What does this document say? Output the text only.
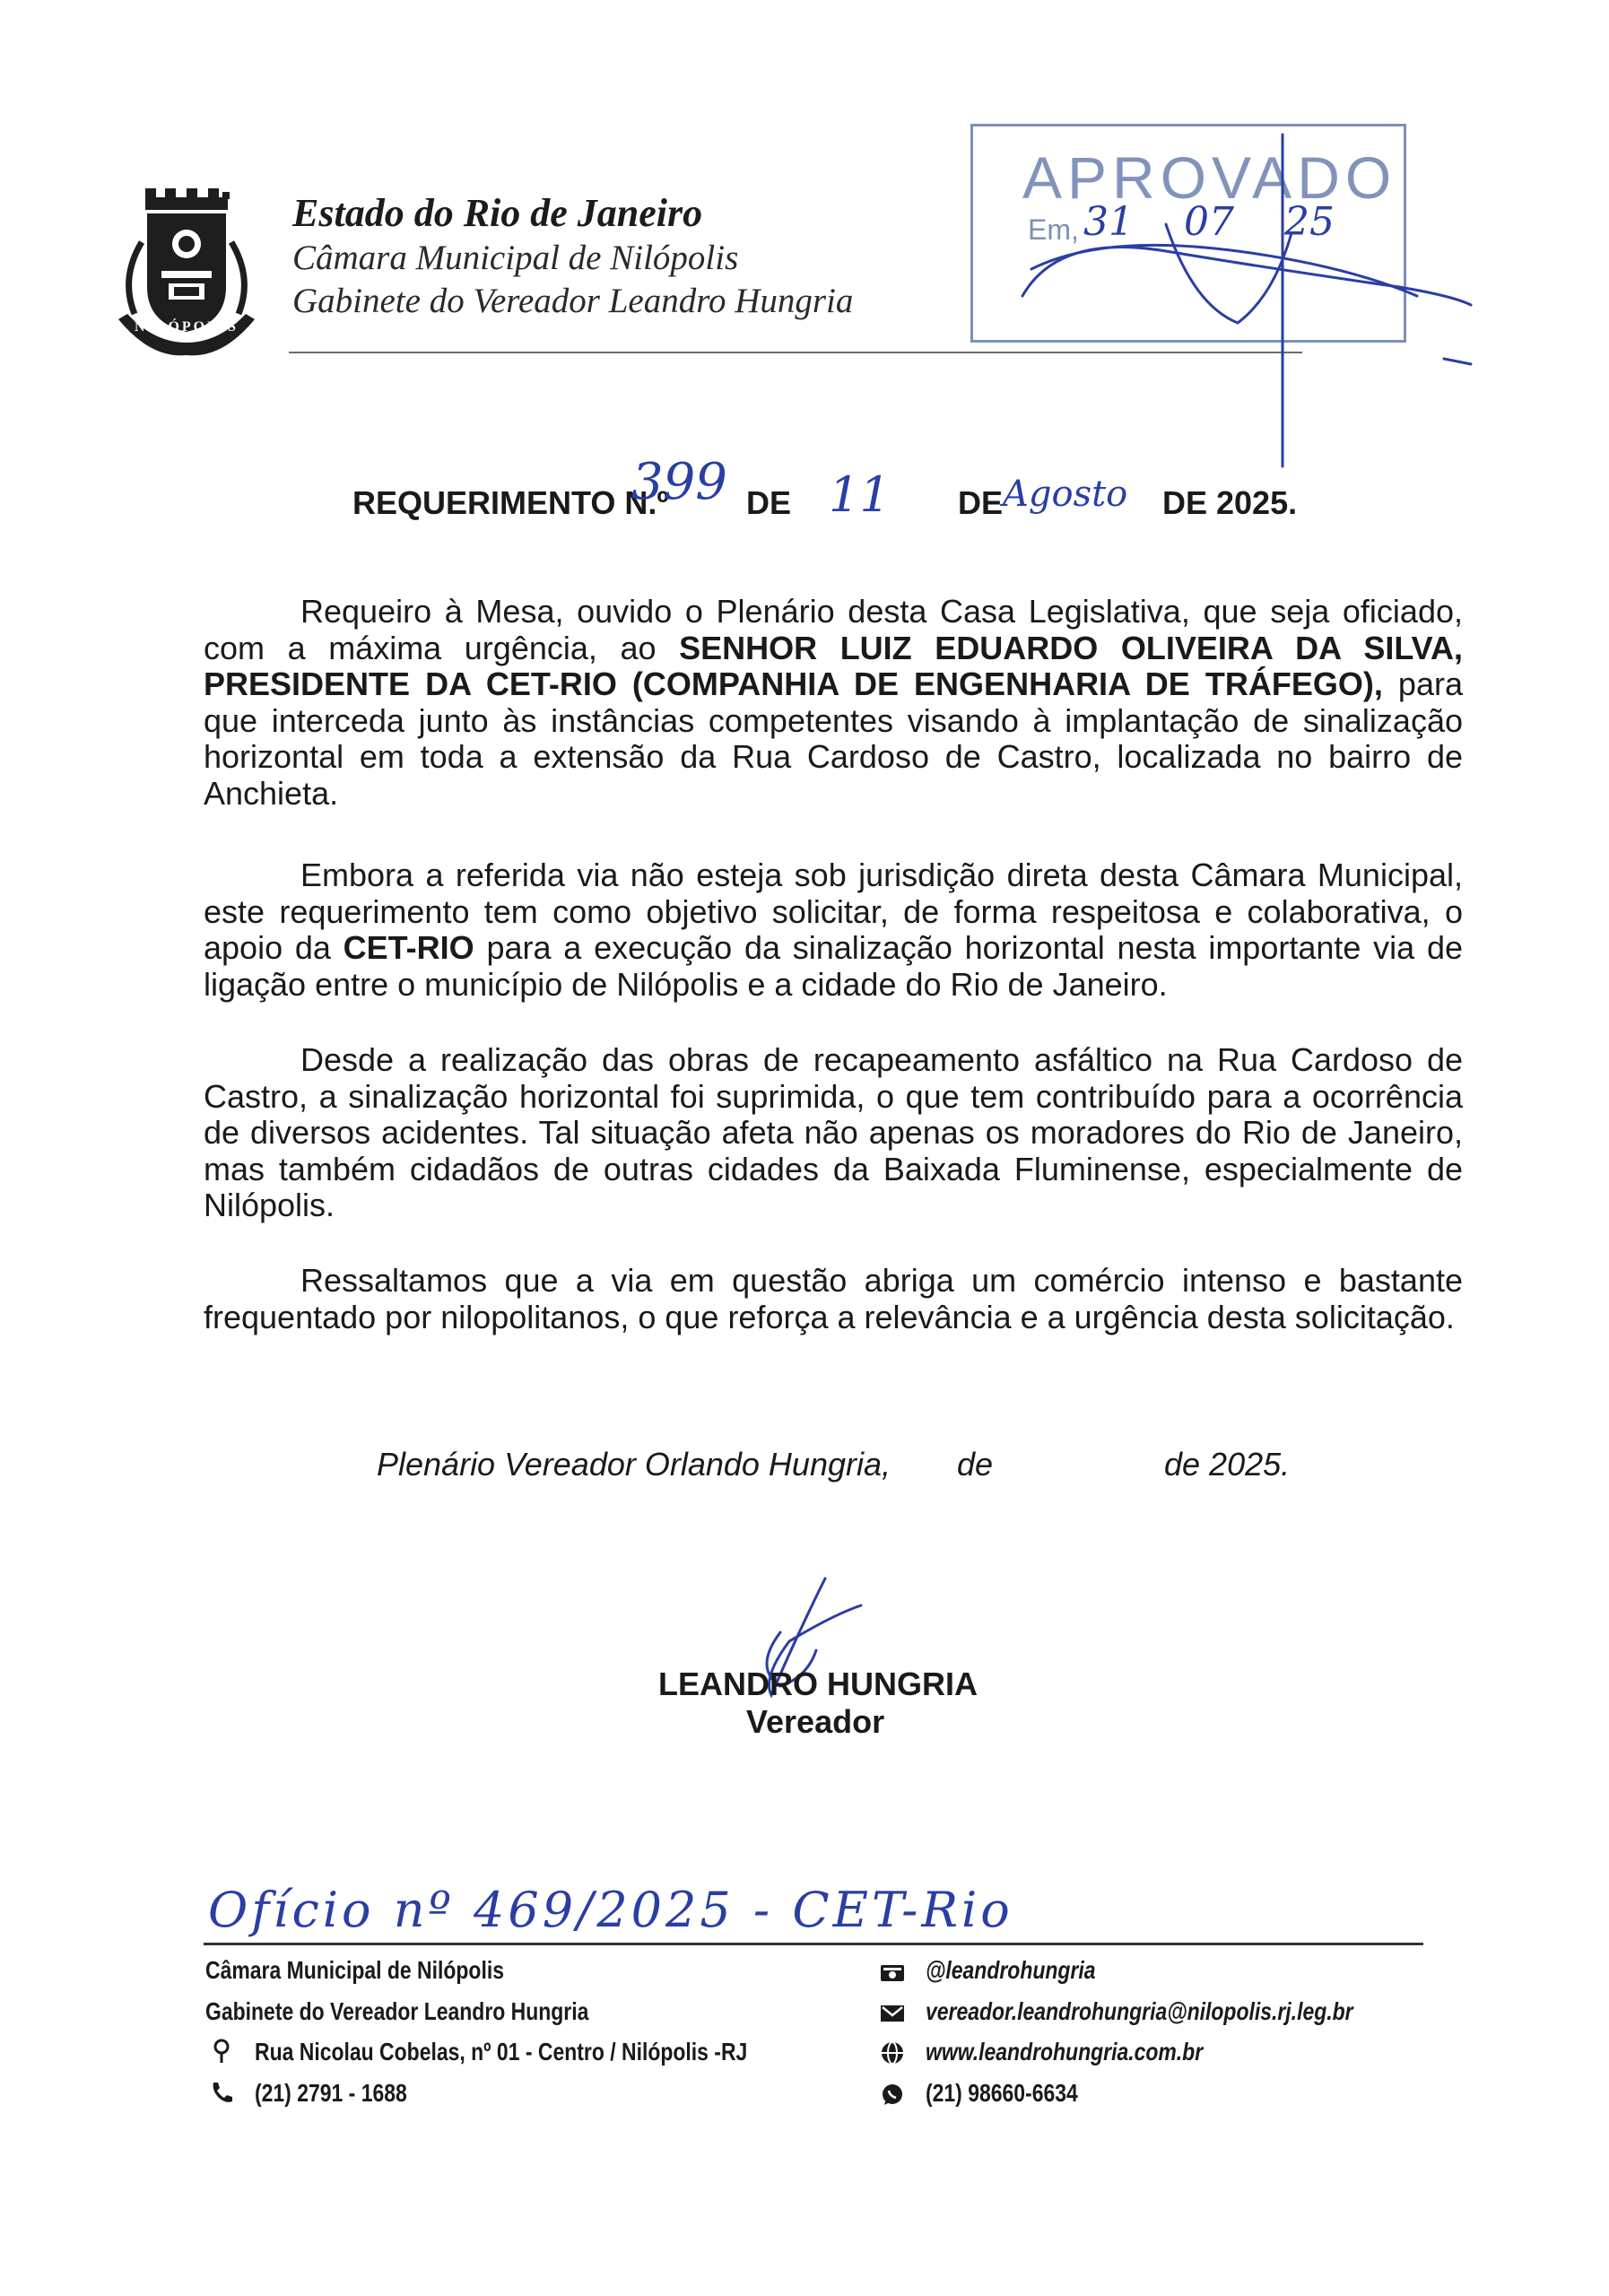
NILÓPOLIS
Estado do Rio de Janeiro
Câmara Municipal de Nilópolis
Gabinete do Vereador Leandro Hungria
APROVADO
Em, 31 07 25
REQUERIMENTO N.º
399 DE 11 DE Agosto DE 2025.
Requeiro à Mesa, ouvido o Plenário desta Casa Legislativa, que seja oficiado, com a máxima urgência, ao SENHOR LUIZ EDUARDO OLIVEIRA DA SILVA, PRESIDENTE DA CET-RIO (COMPANHIA DE ENGENHARIA DE TRÁFEGO), para que interceda junto às instâncias competentes visando à implantação de sinalização horizontal em toda a extensão da Rua Cardoso de Castro, localizada no bairro de Anchieta.
Embora a referida via não esteja sob jurisdição direta desta Câmara Municipal, este requerimento tem como objetivo solicitar, de forma respeitosa e colaborativa, o apoio da CET-RIO para a execução da sinalização horizontal nesta importante via de ligação entre o município de Nilópolis e a cidade do Rio de Janeiro.
Desde a realização das obras de recapeamento asfáltico na Rua Cardoso de Castro, a sinalização horizontal foi suprimida, o que tem contribuído para a ocorrência de diversos acidentes. Tal situação afeta não apenas os moradores do Rio de Janeiro, mas também cidadãos de outras cidades da Baixada Fluminense, especialmente de Nilópolis.
Ressaltamos que a via em questão abriga um comércio intenso e bastante frequentado por nilopolitanos, o que reforça a relevância e a urgência desta solicitação.
Plenário Vereador Orlando Hungria, de	de 2025.
LEANDRO HUNGRIA
Vereador
Ofício nº 469/2025 - CET-Rio
Câmara Municipal de Nilópolis
Gabinete do Vereador Leandro Hungria
Rua Nicolau Cobelas, nº 01 - Centro / Nilópolis -RJ
(21) 2791 - 1688
@leandrohungria
vereador.leandrohungria@nilopolis.rj.leg.br
www.leandrohungria.com.br
(21) 98660-6634
